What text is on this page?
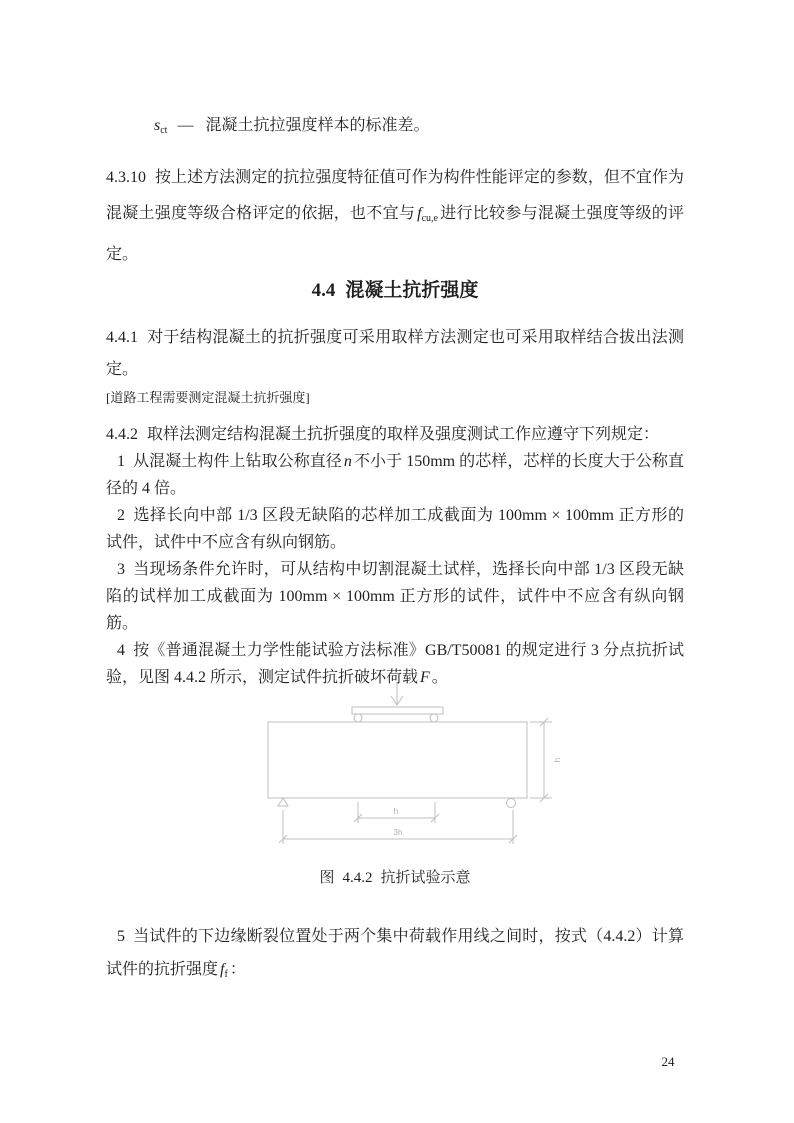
$s_{ct}$ — 混凝土抗拉强度样本的标准差。

4.3.10 按上述方法测定的抗拉强度特征值可作为构件性能评定的参数，但不宜作为混凝土强度等级合格评定的依据，也不宜与 $f_{cu,e}$ 进行比较参与混凝土强度等级的评定。

4.4 混凝土抗折强度

4.4.1 对于结构混凝土的抗折强度可采用取样方法测定也可采用取样结合拔出法测定。

[道路工程需要测定混凝土抗折强度]

4.4.2 取样法测定结构混凝土抗折强度的取样及强度测试工作应遵守下列规定：

1 从混凝土构件上钻取公称直径 n 不小于 150mm 的芯样，芯样的长度大于公称直径的 4 倍。

2 选择长向中部 1/3 区段无缺陷的芯样加工成截面为 100mm × 100mm 正方形的试件，试件中不应含有纵向钢筋。

3 当现场条件允许时，可从结构中切割混凝土试样，选择长向中部 1/3 区段无缺陷的试样加工成截面为 100mm × 100mm 正方形的试件，试件中不应含有纵向钢筋。

4 按《普通混凝土力学性能试验方法标准》GB/T50081 的规定进行 3 分点抗折试验，见图 4.4.2 所示，测定试件抗折破坏荷载 F 。

h
h
3h

图 4.4.2 抗折试验示意

5 当试件的下边缘断裂位置处于两个集中荷载作用线之间时，按式（4.4.2）计算试件的抗折强度 $f_f$ ：

24
